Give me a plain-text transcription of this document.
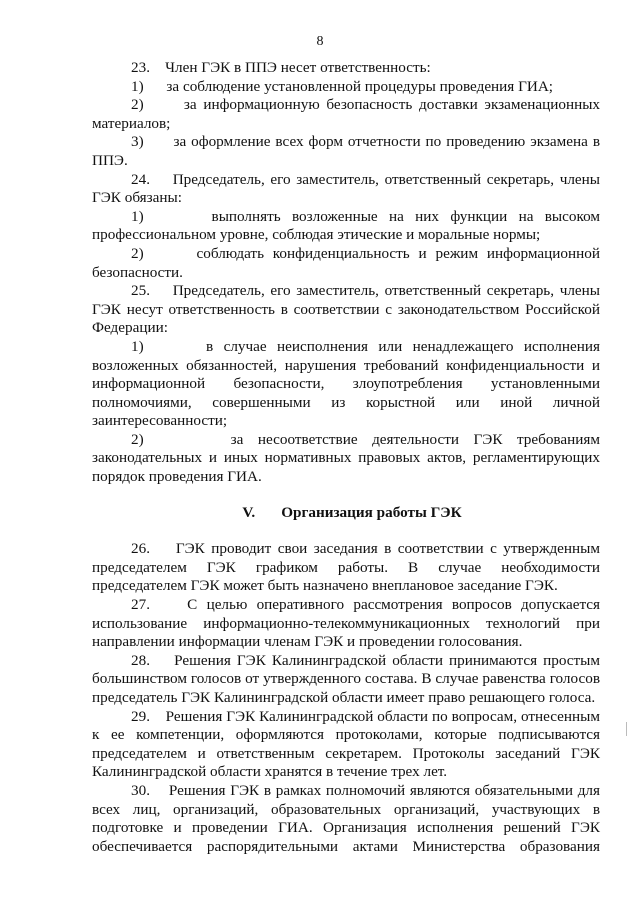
8

23.    Член ГЭК в ППЭ несет ответственность:

1)      за соблюдение установленной процедуры проведения ГИА;

2)      за информационную безопасность доставки экзаменационных материалов;

3)      за оформление всех форм отчетности по проведению экзамена в ППЭ.

24.    Председатель, его заместитель, ответственный секретарь, члены ГЭК обязаны:

1)      выполнять возложенные на них функции на высоком профессиональном уровне, соблюдая этические и моральные нормы;

2)      соблюдать конфиденциальность и режим информационной безопасности.

25.    Председатель, его заместитель, ответственный секретарь, члены ГЭК несут ответственность в соответствии с законодательством Российской Федерации:

1)      в случае неисполнения или ненадлежащего исполнения возложенных обязанностей, нарушения требований конфиденциальности и информационной безопасности, злоупотребления установленными полномочиями, совершенными из корыстной или иной личной заинтересованности;

2)      за несоответствие деятельности ГЭК требованиям законодательных и иных нормативных правовых актов, регламентирующих порядок проведения ГИА.

V. Организация работы ГЭК

26.    ГЭК проводит свои заседания в соответствии с утвержденным председателем ГЭК графиком работы. В случае необходимости председателем ГЭК может быть назначено внеплановое заседание ГЭК.

27.    С целью оперативного рассмотрения вопросов допускается использование информационно-телекоммуникационных технологий при направлении информации членам ГЭК и проведении голосования.

28.    Решения ГЭК Калининградской области принимаются простым большинством голосов от утвержденного состава. В случае равенства голосов председатель ГЭК Калининградской области имеет право решающего голоса.

29.    Решения ГЭК Калининградской области по вопросам, отнесенным к ее компетенции, оформляются протоколами, которые подписываются председателем и ответственным секретарем. Протоколы заседаний ГЭК Калининградской области хранятся в течение трех лет.

30.    Решения ГЭК в рамках полномочий являются обязательными для всех лиц, организаций, образовательных организаций, участвующих в подготовке и проведении ГИА. Организация исполнения решений ГЭК обеспечивается распорядительными актами Министерства образования
